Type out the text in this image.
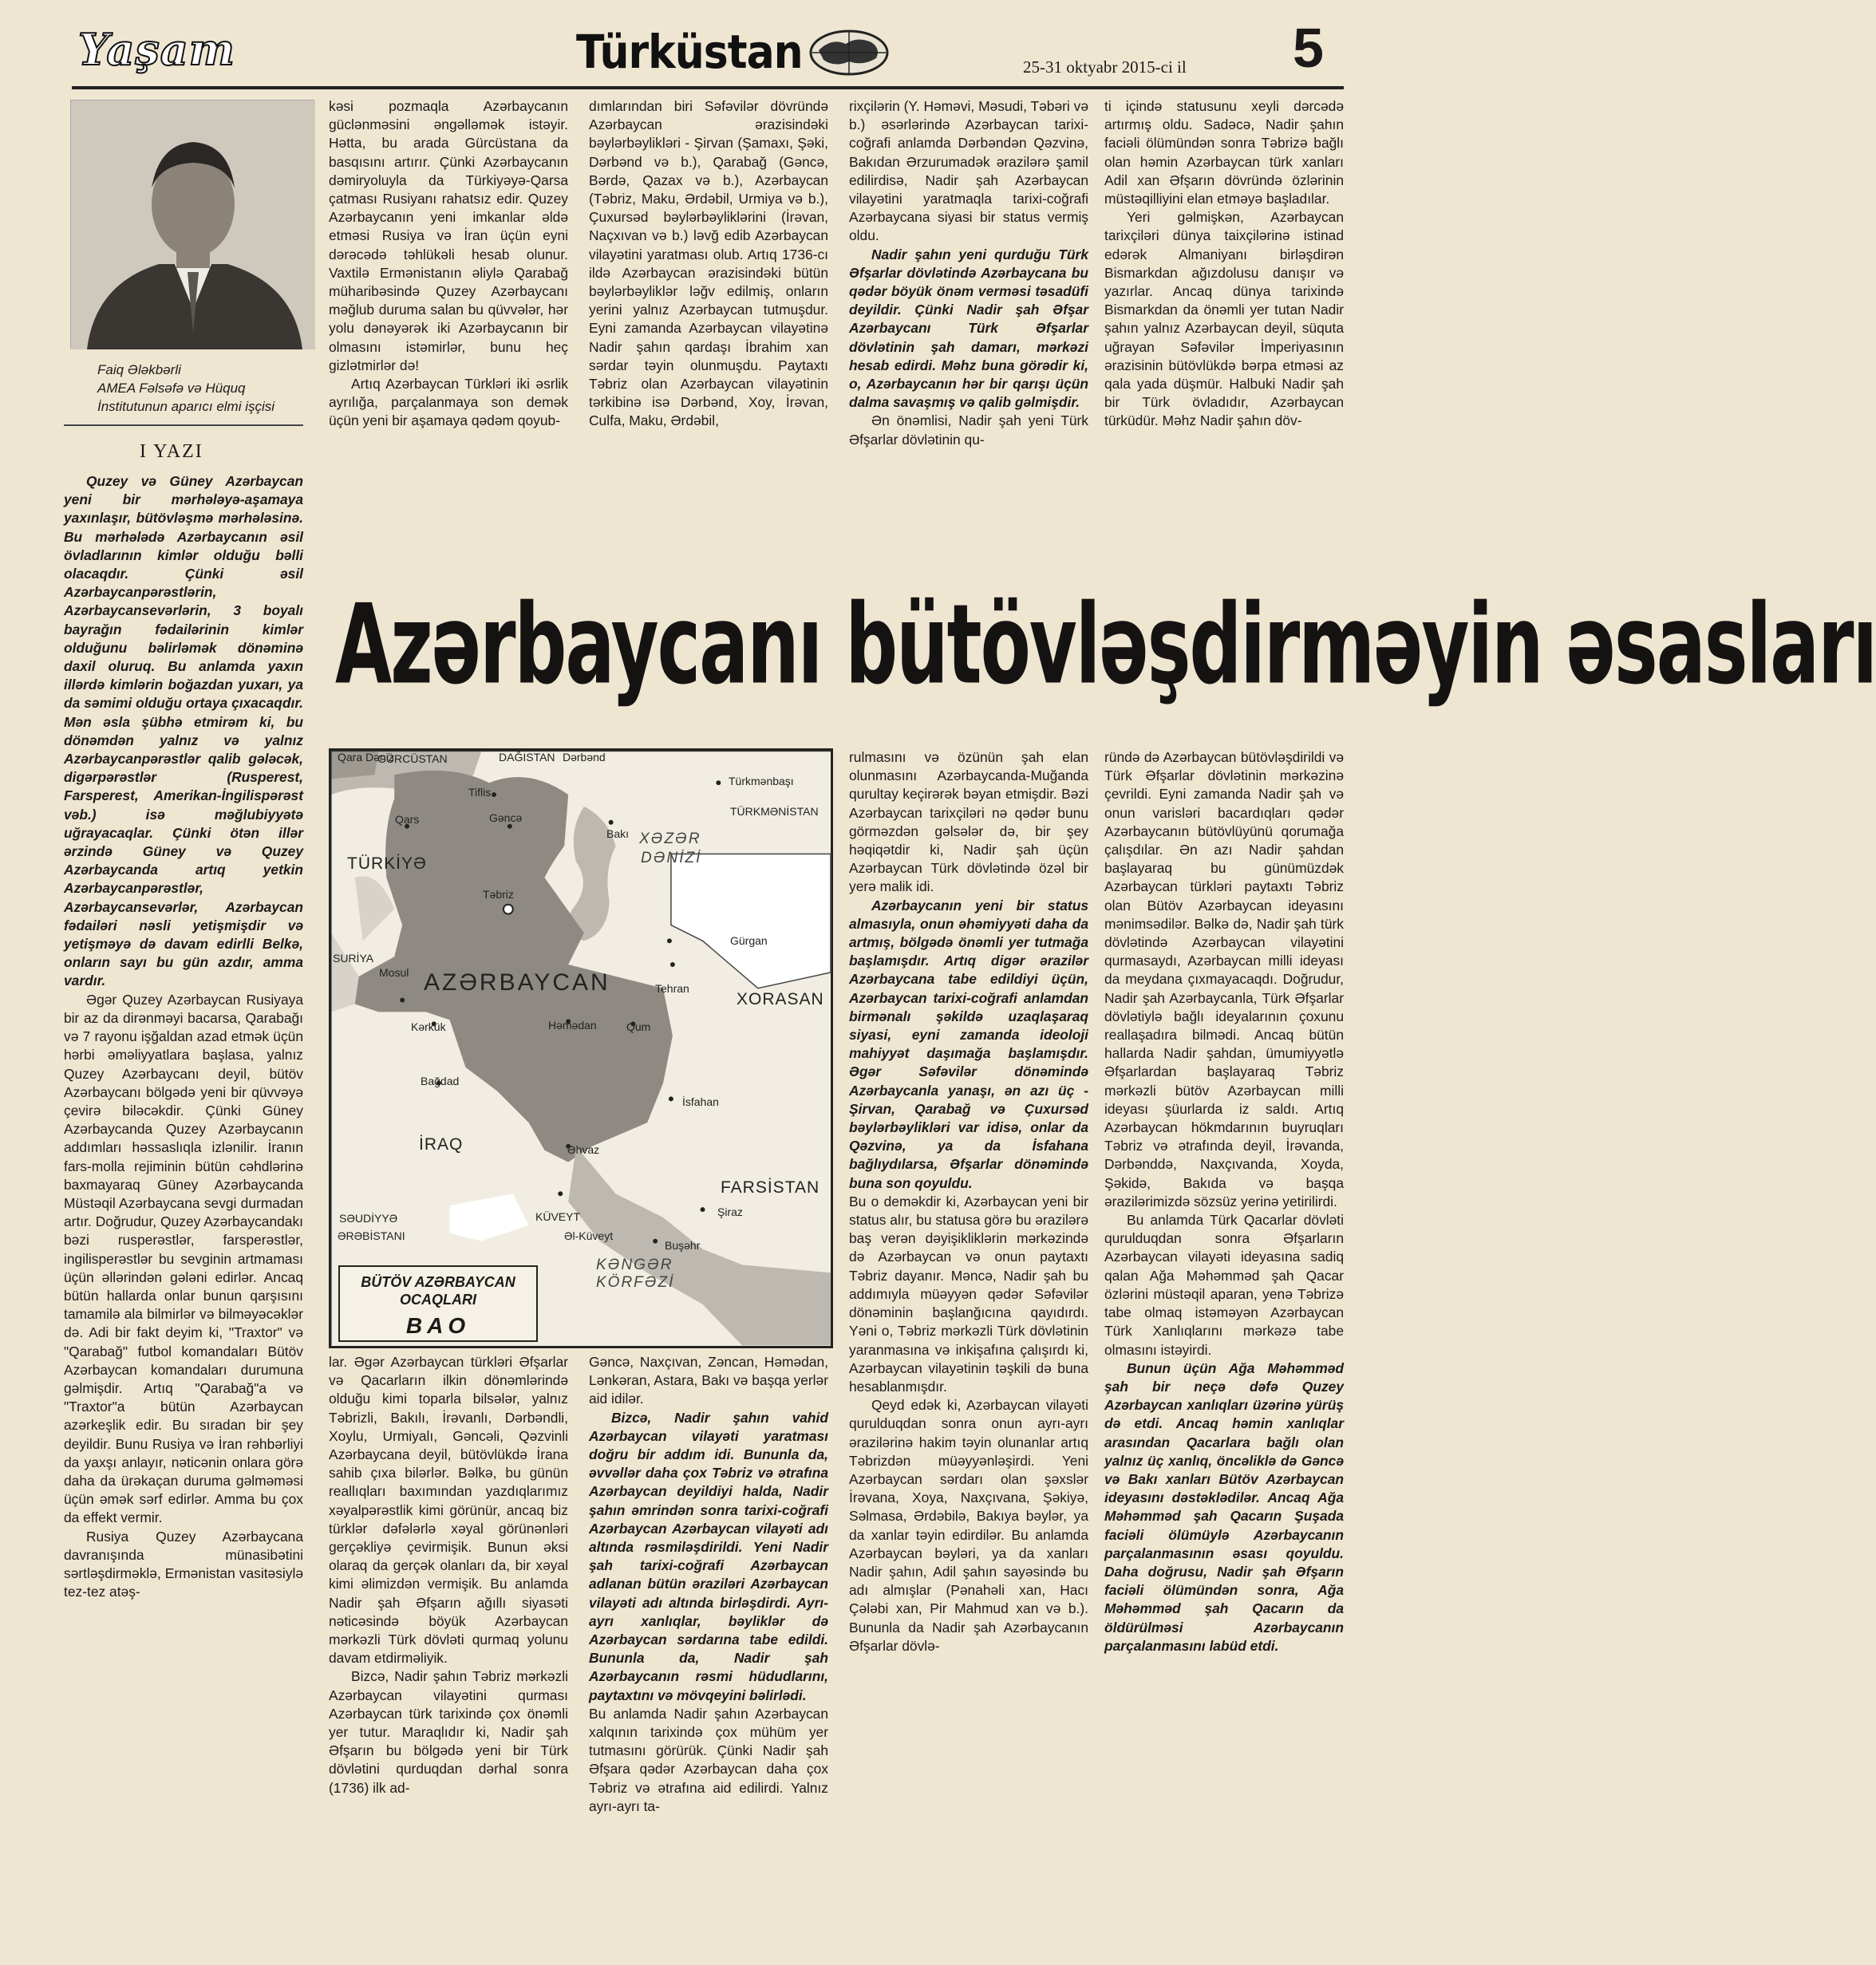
Yaşam	Türküstan	25-31 oktyabr 2015-ci il	5
Faiq Ələkbərli
AMEA Fəlsəfə və Hüquq
İnstitutunun aparıcı elmi işçisi
I YAZI

Quzey və Güney Azərbaycan yeni bir mərhələyə-aşamaya yaxınlaşır, bütövləşmə mərhələsinə. Bu mərhələdə Azərbaycanın əsil övladlarının kimlər olduğu bəlli olacaqdır. Çünki əsil Azərbaycanpərəstlərin, Azərbaycansevərlərin, 3 boyalı bayrağın fədailərinin kimlər olduğunu bəlirləmək dönəminə daxil oluruq. Bu anlamda yaxın illərdə kimlərin boğazdan yuxarı, ya da səmimi olduğu ortaya çıxacaqdır. Mən əsla şübhə etmirəm ki, bu dönəmdən yalnız və yalnız Azərbaycanpərəstlər qalib gələcək, digərpərəstlər (Rusperest, Farsperest, Amerikan-İngilispərəst vəb.) isə məğlubiyyətə uğrayacaqlar. Çünki ötən illər ərzində Güney və Quzey Azərbaycanda artıq yetkin Azərbaycanpərəstlər, Azərbaycansevərlər, Azərbaycan fədailəri nəsli yetişmişdir və yetişməyə də davam edirlli Belkə, onların sayı bu gün azdır, amma vardır.

Əgər Quzey Azərbaycan Rusiyaya bir az da dirənməyi bacarsa, Qarabağı və 7 rayonu işğaldan azad etmək üçün hərbi əməliyyatlara başlasa, yalnız Quzey Azərbaycanı deyil, bütöv Azərbaycanı bölgədə yeni bir qüvvəyə çevirə biləcəkdir. Çünki Güney Azərbaycanda Quzey Azərbaycanın addımları həssaslıqla izlənilir. İranın fars-molla rejiminin bütün cəhdlərinə baxmayaraq Güney Azərbaycanda Müstəqil Azərbaycana sevgi durmadan artır. Doğrudur, Quzey Azərbaycandakı bəzi rusperəstlər, farsperəstlər, ingilisperəstlər bu sevginin artmaması üçün əllərindən gələni edirlər. Ancaq bütün hallarda onlar bunun qarşısını tamamilə ala bilmirlər və bilməyəcəklər də. Adi bir fakt deyim ki, "Traxtor" və "Qarabağ" futbol komandaları Bütöv Azərbaycan komandaları durumuna gəlmişdir. Artıq "Qarabağ"a və "Traxtor"a bütün Azərbaycan azərkeşlik edir. Bu sıradan bir şey deyildir. Bunu Rusiya və İran rəhbərliyi da yaxşı anlayır, nəticənin onlara görə daha da ürəkaçan duruma gəlməməsi üçün əmək sərf edirlər. Amma bu çox da effekt vermir.

Rusiya Quzey Azərbaycana davranışında münasibətini sərtləşdirməklə, Ermənistan vasitəsiylə tez-tez atəş-

kəsi pozmaqla Azərbaycanın güclənməsini əngəlləmək istəyir. Hətta, bu arada Gürcüstana da basqısını artırır. Çünki Azərbaycanın dəmiryoluyla da Türkiyəyə-Qarsa çatması Rusiyanı rahatsız edir. Quzey Azərbaycanın yeni imkanlar əldə etməsi Rusiya və İran üçün eyni dərəcədə təhlükəli hesab olunur. Vaxtilə Ermənistanın əliylə Qarabağ müharibəsində Quzey Azərbaycanı məğlub duruma salan bu qüvvələr, hər yolu dənəyərək iki Azərbaycanın bir olmasını istəmirlər, bunu heç gizlətmirlər də!

Artıq Azərbaycan Türkləri iki əsrlik ayrılığa, parçalanmaya son demək üçün yeni bir aşamaya qədəm qoyub-

dımlarından biri Səfəvilər dövründə Azərbaycan ərazisindəki bəylərbəylikləri - Şirvan (Şamaxı, Şəki, Dərbənd və b.), Qarabağ (Gəncə, Bərdə, Qazax və b.), Azərbaycan (Təbriz, Maku, Ərdəbil, Urmiya və b.), Çuxursəd bəylərbəyliklərini (İrəvan, Naçxıvan və b.) ləvğ edib Azərbaycan vilayətini yaratması olub. Artıq 1736-cı ildə Azərbaycan ərazisindəki bütün bəylərbəyliklər ləğv edilmiş, onların yerini yalnız Azərbaycan tutmuşdur. Eyni zamanda Azərbaycan vilayətinə Nadir şahın qardaşı İbrahim xan sərdar təyin olunmuşdu. Paytaxtı Təbriz olan Azərbaycan vilayətinin tərkibinə isə Dərbənd, Xoy, İrəvan, Culfa, Maku, Ərdəbil,

rixçilərin (Y. Həməvi, Məsudi, Təbəri və b.) əsərlərində Azərbaycan tarixi-coğrafi anlamda Dərbəndən Qəzvinə, Bakıdan Ərzurumadək ərazilərə şamil edilirdisə, Nadir şah Azərbaycan vilayətini yaratmaqla tarixi-coğrafi Azərbaycana siyasi bir status vermiş oldu.

Nadir şahın yeni qurduğu Türk Əfşarlar dövlətində Azərbaycana bu qədər böyük önəm verməsi təsadüfi deyildir. Çünki Nadir şah Əfşar Azərbaycanı Türk Əfşarlar dövlətinin şah damarı, mərkəzi hesab edirdi. Məhz buna görədir ki, o, Azərbaycanın hər bir qarışı üçün dalma savaşmış və qalib gəlmişdir.

Ən önəmlisi, Nadir şah yeni Türk Əfşarlar dövlətinin qu-

ti içində statusunu xeyli dərcədə artırmış oldu. Sadəcə, Nadir şahın faciəli ölümündən sonra Təbrizə bağlı olan həmin Azərbaycan türk xanları Adil xan Əfşarın dövründə özlərinin müstəqilliyini elan etməyə başladılar.

Yeri gəlmişkən, Azərbaycan tarixçiləri dünya taixçilərinə istinad edərək Almaniyanı birləşdirən Bismarkdan ağızdolusu danışır və yazırlar. Ancaq dünya tarixində Bismarkdan da önəmli yer tutan Nadir şahın yalnız Azərbaycan deyil, süquta uğrayan Səfəvilər İmperiyasının ərazisinin bütövlükdə bərpa etməsi az qala yada düşmür. Halbuki Nadir şah bir Türk övladıdır, Azərbaycan türküdür. Məhz Nadir şahın döv-

Azərbaycanı bütövləşdirməyin əsasları
Qara Dəniz
GÜRCÜSTAN	DAĞISTAN Dərbənd
Tiflis
Gəncə
Qars
Bakı
Türkmənbaşı
XƏZƏR
DƏNİZİ
TÜRKMƏNİSTAN
TÜRKİYƏ
Təbriz
Gürgan
SURİYA
Mosul AZƏRBAYCAN	Tehran
XORASAN
Kərkük	Həmədan	Qum
Bağdad
İsfahan
İRAQ	Əhvaz
FARSİSTAN
SƏUDİYYƏ
ƏRƏBİSTANI
KÜVEYT
Əl-Küveyt
Şiraz
Buşəhr
KƏNGƏR
KÖRFƏZİ
BÜTÖV AZƏRBAYCAN OCAQLARI
BAO

rulmasını və özünün şah elan olunmasını Azərbaycanda-Muğanda qurultay keçirərək bəyan etmişdir. Bəzi Azərbaycan tarixçiləri nə qədər bunu görməzdən gəlsələr də, bir şey həqiqətdir ki, Nadir şah üçün Azərbaycan Türk dövlətində özəl bir yerə malik idi.

Azərbaycanın yeni bir status almasıyla, onun əhəmiyyəti daha da artmış, bölgədə önəmli yer tutmağa başlamışdır. Artıq digər ərazilər Azərbaycana tabe edildiyi üçün, Azərbaycan tarixi-coğrafi anlamdan birmənalı şəkildə uzaqlaşaraq siyasi, eyni zamanda ideoloji mahiyyət daşımağa başlamışdır. Əgər Səfəvilər dönəmində Azərbaycanla yanaşı, ən azı üç - Şirvan, Qarabağ və Çuxursəd bəylərbəylikləri var idisə, onlar da Qəzvinə, ya da İsfahana bağlıydılarsa, Əfşarlar dönəmində buna son qoyuldu.

Bu o deməkdir ki, Azərbaycan yeni bir status alır, bu statusa görə bu ərazilərə baş verən dəyişikliklərin mərkəzində də Azərbaycan və onun paytaxtı Təbriz dayanır. Məncə, Nadir şah bu addımıyla müəyyən qədər Səfəvilər dönəminin başlanğıcına qayıdırdı. Yəni o, Təbriz mərkəzli Türk dövlətinin yaranmasına və inkişafına çalışırdı ki, Azərbaycan vilayətinin təşkili də buna hesablanmışdır.

Qeyd edək ki, Azərbaycan vilayəti qurulduqdan sonra onun ayrı-ayrı ərazilərinə hakim təyin olunanlar artıq Təbrizdən müəyyənləşirdi. Yeni Azərbaycan sərdarı olan şəxslər İrəvana, Xoya, Naxçıvana, Şəkiyə, Səlmasa, Ərdəbilə, Bakıya bəylər, ya da xanlar təyin edirdilər. Bu anlamda Azərbaycan bəyləri, ya da xanları Nadir şahın, Adil şahın sayəsində bu adı almışlar (Pənahəli xan, Hacı Çələbi xan, Pir Mahmud xan və b.). Bununla da Nadir şah Azərbaycanın Əfşarlar dövlə-

ründə də Azərbaycan bütövləşdirildi və Türk Əfşarlar dövlətinin mərkəzinə çevrildi. Eyni zamanda Nadir şah və onun varisləri bacardıqları qədər Azərbaycanın bütövlüyünü qorumağa çalışdılar. Ən azı Nadir şahdan başlayaraq bu günümüzdək Azərbaycan türkləri paytaxtı Təbriz olan Bütöv Azərbaycan ideyasını mənimsədilər. Bəlkə də, Nadir şah türk dövlətində Azərbaycan vilayətini qurmasaydı, Azərbaycan milli ideyası da meydana çıxmayacaqdı. Doğrudur, Nadir şah Azərbaycanla, Türk Əfşarlar dövlətiylə bağlı ideyalarının çoxunu reallaşadıra bilmədi. Ancaq bütün hallarda Nadir şahdan, ümumiyyətlə Əfşarlardan başlayaraq Təbriz mərkəzli bütöv Azərbaycan milli ideyası şüurlarda iz saldı. Artıq Azərbaycan hökmdarının buyruqları Təbriz və ətrafında deyil, İrəvanda, Dərbənddə, Naxçıvanda, Xoyda, Şəkidə, Bakıda və başqa ərazilərimizdə sözsüz yerinə yetirilirdi.

Bu anlamda Türk Qacarlar dövləti qurulduqdan sonra Əfşarların Azərbaycan vilayəti ideyasına sadiq qalan Ağa Məhəmməd şah Qacar özlərini müstəqil aparan, yenə Təbrizə tabe olmaq istəməyən Azərbaycan Türk Xanlıqlarını mərkəzə tabe olmasını istəyirdi.

Bunun üçün Ağa Məhəmməd şah bir neçə dəfə Quzey Azərbaycan xanlıqları üzərinə yürüş də etdi. Ancaq həmin xanlıqlar arasından Qacarlara bağlı olan yalnız üç xanlıq, öncəliklə də Gəncə və Bakı xanları Bütöv Azərbaycan ideyasını dəstəklədilər. Ancaq Ağa Məhəmməd şah Qacarın Şuşada faciəli ölümüylə Azərbaycanın parçalanmasının əsası qoyuldu. Daha doğrusu, Nadir şah Əfşarın faciəli ölümündən sonra, Ağa Məhəmməd şah Qacarın da öldürülməsi Azərbaycanın parçalanmasını labüd etdi.

lar. Əgər Azərbaycan türkləri Əfşarlar və Qacarların ilkin dönəmlərində olduğu kimi toparla bilsələr, yalnız Təbrizli, Bakılı, İrəvanlı, Dərbəndli, Xoylu, Urmiyalı, Gəncəli, Qəzvinli Azərbaycana deyil, bütövlükdə İrana sahib çıxa bilərlər. Bəlkə, bu günün reallıqları baxımından yazdıqlarımız xəyalpərəstlik kimi görünür, ancaq biz türklər dəfələrlə xəyal görünənləri gerçəkliyə çevirmişik. Bunun əksi olaraq da gerçək olanları da, bir xəyal kimi əlimizdən vermişik. Bu anlamda Nadir şah Əfşarın ağıllı siyasəti nəticəsində böyük Azərbaycan mərkəzli Türk dövləti qurmaq yolunu davam etdirməliyik.

Bizcə, Nadir şahın Təbriz mərkəzli Azərbaycan vilayətini qurması Azərbaycan türk tarixində çox önəmli yer tutur. Maraqlıdır ki, Nadir şah Əfşarın bu bölgədə yeni bir Türk dövlətini qurduqdan dərhal sonra (1736) ilk ad-

Gəncə, Naxçıvan, Zəncan, Həmədan, Lənkəran, Astara, Bakı və başqa yerlər aid idilər.

Bizcə, Nadir şahın vahid Azərbaycan vilayəti yaratması doğru bir addım idi. Bununla da, əvvəllər daha çox Təbriz və ətrafına Azərbaycan deyildiyi halda, Nadir şahın əmrindən sonra tarixi-coğrafi Azərbaycan Azərbaycan vilayəti adı altında rəsmiləşdirildi. Yeni Nadir şah tarixi-coğrafi Azərbaycan adlanan bütün əraziləri Azərbaycan vilayəti adı altında birləşdirdi. Ayrı-ayrı xanlıqlar, bəyliklər də Azərbaycan sərdarına tabe edildi. Bununla da, Nadir şah Azərbaycanın rəsmi hüdudlarını, paytaxtını və mövqeyini bəlirlədi.

Bu anlamda Nadir şahın Azərbaycan xalqının tarixində çox mühüm yer tutmasını görürük. Çünki Nadir şah Əfşara qədər Azərbaycan daha çox Təbriz və ətrafına aid edilirdi. Yalnız ayrı-ayrı ta-
